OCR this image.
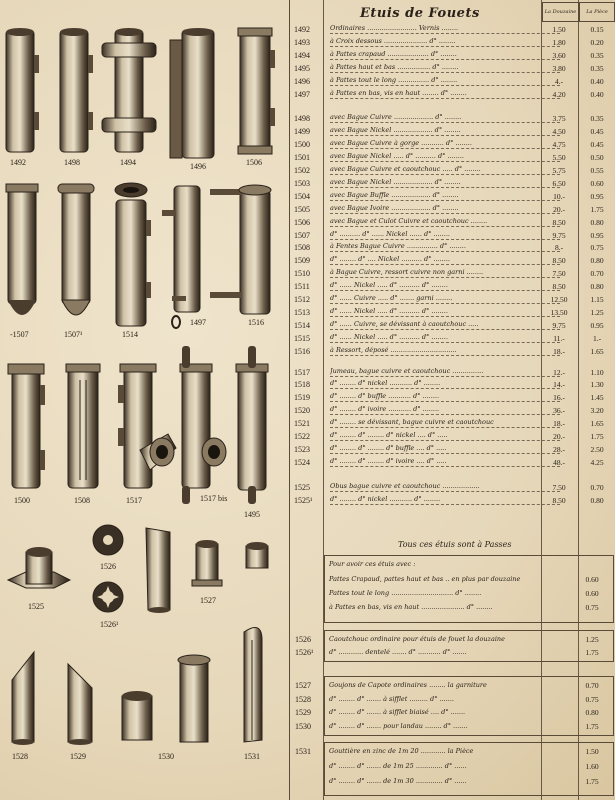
1492	1498	1494	1496	1506
-1507	1507¹	1514
1497	1516
1500	1508	1517	1517 bis
1495
1526
1526¹
1525
1527
1528	1529	1530	1531
Etuis de Fouets	La Douzaine	La Pièce
1492	Ordinaires ........................ Vernis ........	1.50	0.15
1493	à Croix dessous ..................... d° ........	1.80	0.20
1494	à Pattes crapaud .................... d° ........	3.60	0.35
1495	à Pattes haut et bas ................ d° ........	3.80	0.35
1496	à Pattes tout le long ............... d° ........	4.-	0.40
1497	à Pattes en bas, vis en haut ........ d° ........	4.20	0.40
1498	avec Bague Cuivre ................... d° ........	3.75	0.35
1499	avec Bague Nickel ................... d° ........	4.50	0.45
1500	avec Bague Cuivre à gorge ........... d° ........	4.75	0.45
1501	avec Bague Nickel ..... d° .......... d° ........	5.50	0.50
1502	avec Bague Cuivre et caoutchouc ..... d° ........	5.75	0.55
1503	avec Bague Nickel ................... d° ........	6.50	0.60
1504	avec Bague Buffle ................... d° ........	10.-	0.95
1505	avec Bague Ivoire ................... d° ........	20.-	1.75
1506	avec Bague et Culot Cuivre et caoutchouc ........	8.50	0.80
1507	d° .......... d° ...... Nickel ...... d° ........	9.75	0.95
1508	à Fentes Bague Cuivre ............... d° ........	8.-	0.75
1509	d° ........ d° .... Nickel .......... d° ........	8.50	0.80
1510	à Bague Cuivre, ressort cuivre non garni ........	7.50	0.70
1511	d° ...... Nickel ..... d° .......... d° ........	8.50	0.80
1512	d° ...... Cuivre ..... d° ....... garni ........	12.50	1.15
1513	d° ...... Nickel ..... d° .......... d° ........	13.50	1.25
1514	d° ...... Cuivre, se dévissant à caoutchouc .....	9.75	0.95
1515	d° ...... Nickel ..... d° .......... d° ........	11.-	1.-
1516	à Ressort, déposé ................................	18.-	1.65
1517	Jumeau, bague cuivre et caoutchouc ...............	12.-	1.10
1518	d° ........ d° nickel ........... d° ........	14.-	1.30
1519	d° ........ d° buffle ........... d° ........	16.-	1.45
1520	d° ........ d° ivoire ........... d° ........	36.-	3.20
1521	d° ........ se dévissant, bague cuivre et caoutchouc	18.-	1.65
1522	d° ........ d° ........ d° nickel .... d° .....	20.-	1.75
1523	d° ........ d° ........ d° buffle .... d° .....	28.-	2.50
1524	d° ........ d° ........ d° ivoire .... d° .....	48.-	4.25
1525	Obus bague cuivre et caoutchouc ..................	7.50	0.70
1525¹	d° ........ d° nickel ........... d° ........	8.50	0.80
Tous ces étuis sont à Passes
Pour avoir ces étuis avec :
Pattes Crapaud, pattes haut et bas .. en plus par douzaine	0.60
Pattes tout le long .............................. d° ........	0.60
à Pattes en bas, vis en haut ..................... d° ........	0.75
1526	Caoutchouc ordinaire pour étuis de fouet la douzaine	1.25
1526¹ d° ............ dentelé ....... d° ........... d° .......	1.75
1527	Goujons de Capote ordinaires ........ la garniture	0.70
1528	d° ........ d° ....... à sifflet ......... d° .......	0.75
1529	d° ........ d° ....... à sifflet biaisé .... d° .......	0.80
1530	d° ........ d° ....... pour landau ........ d° .......	1.75
1531	Gouttière en zinc de 1m 20 ............ la Pièce	1.50
d° ........ d° ....... de 1m 25 ............. d° ......	1.60
d° ........ d° ....... de 1m 30 ............. d° ......	1.75
